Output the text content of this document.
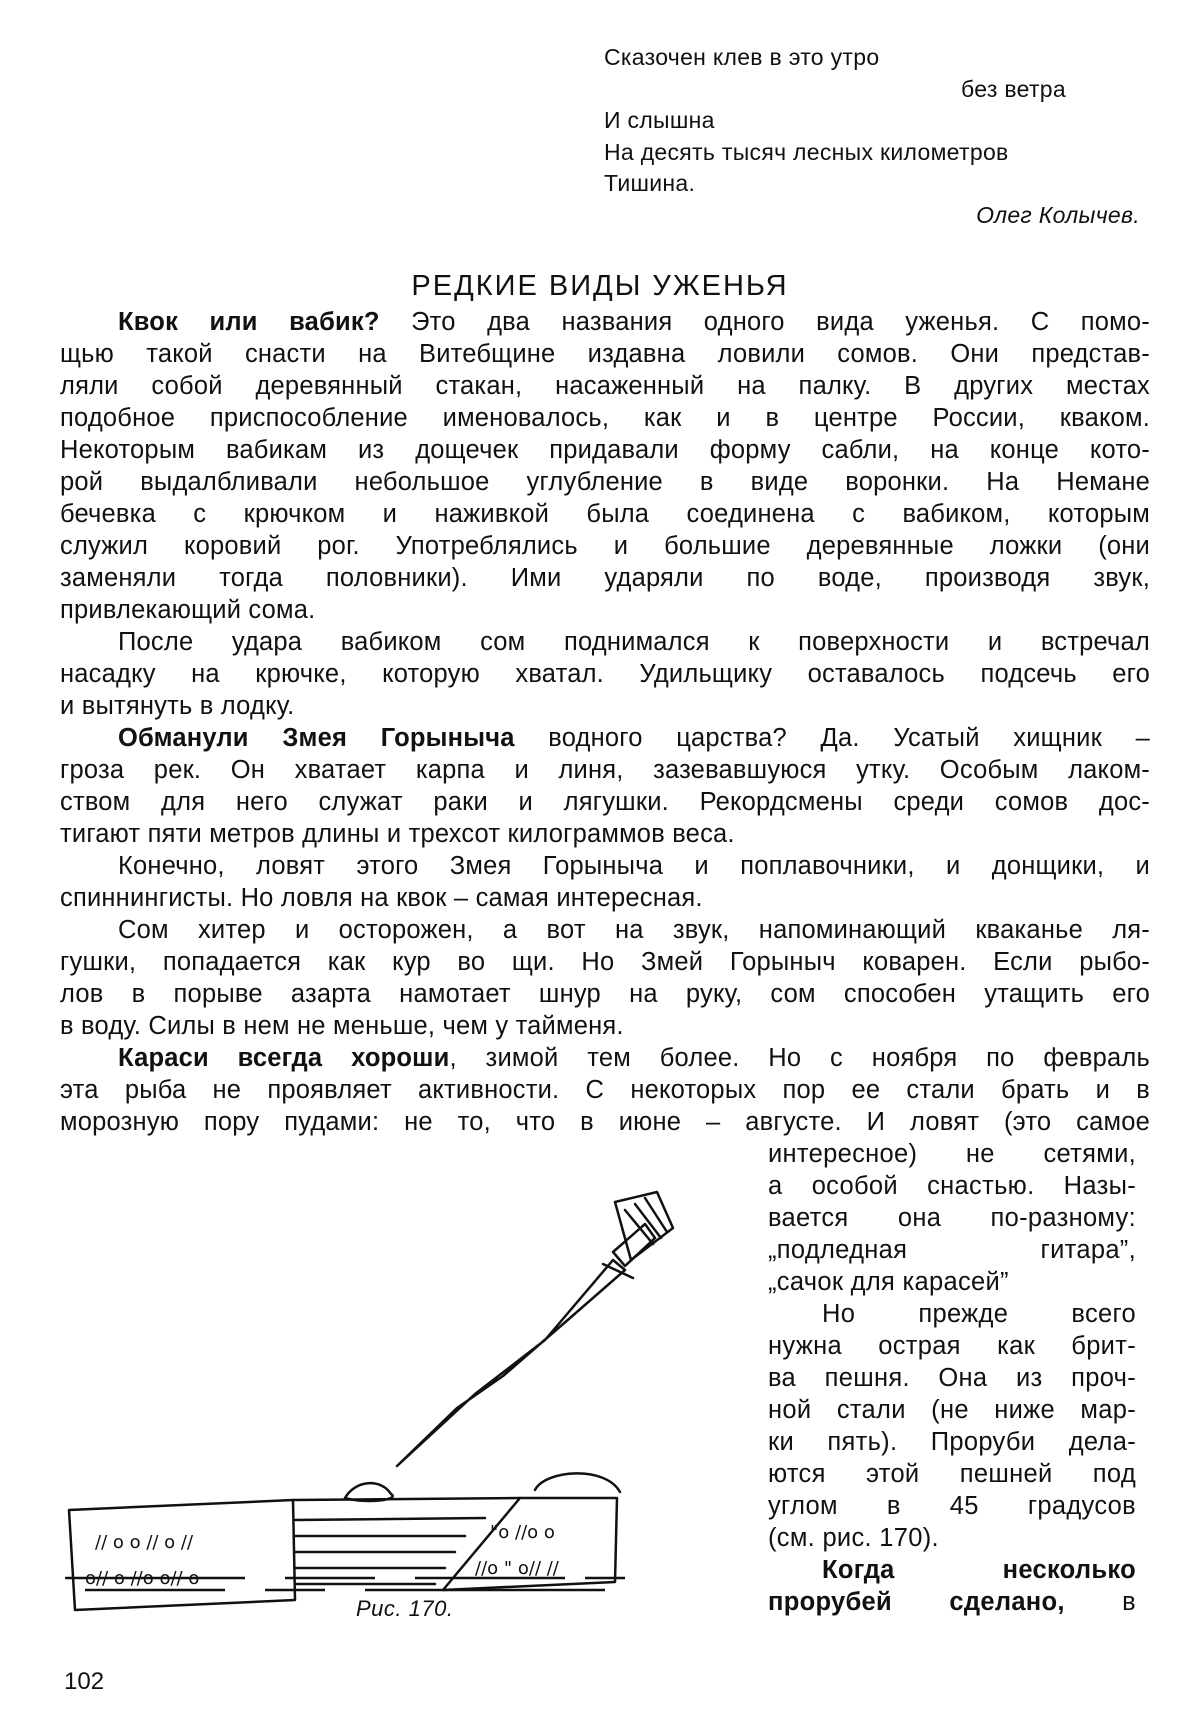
Сказочен клев в это утро
без ветра
И слышна
На десять тысяч лесных километров
Тишина.
Олег Колычев.
РЕДКИЕ ВИДЫ УЖЕНЬЯ
Квок или вабик? Это два названия одного вида уженья. С помо-
щью такой снасти на Витебщине издавна ловили сомов. Они представ-
ляли собой деревянный стакан, насаженный на палку. В других местах
подобное приспособление именовалось, как и в центре России, кваком.
Некоторым вабикам из дощечек придавали форму сабли, на конце кото-
рой выдалбливали небольшое углубление в виде воронки. На Немане
бечевка с крючком и наживкой была соединена с вабиком, которым
служил коровий рог. Употреблялись и большие деревянные ложки (они
заменяли тогда половники). Ими ударяли по воде, производя звук,
привлекающий сома.
После удара вабиком сом поднимался к поверхности и встречал
насадку на крючке, которую хватал. Удильщику оставалось подсечь его
и вытянуть в лодку.
Обманули Змея Горыныча водного царства? Да. Усатый хищник –
гроза рек. Он хватает карпа и линя, зазевавшуюся утку. Особым лаком-
ством для него служат раки и лягушки. Рекордсмены среди сомов дос-
тигают пяти метров длины и трехсот килограммов веса.
Конечно, ловят этого Змея Горыныча и поплавочники, и донщики, и
спиннингисты. Но ловля на квок – самая интересная.
Сом хитер и осторожен, а вот на звук, напоминающий кваканье ля-
гушки, попадается как кур во щи. Но Змей Горыныч коварен. Если рыбо-
лов в порыве азарта намотает шнур на руку, сом способен утащить его
в воду. Силы в нем не меньше, чем у тайменя.
Караси всегда хороши, зимой тем более. Но с ноября по февраль
эта рыба не проявляет активности. С некоторых пор ее стали брать и в
морозную пору пудами: не то, что в июне – августе. И ловят (это самое
интересное) не сетями,
а особой снастью. Назы-
вается она по-разному:
„подледная гитара”,
„сачок для карасей”
Но прежде всего
нужна острая как брит-
ва пешня. Она из проч-
ной стали (не ниже мар-
ки пять). Проруби дела-
ются этой пешней под
углом в 45 градусов
(см. рис. 170).
Когда несколько
прорубей сделано, в
// o o // o //
o// o //o o// o
"o //o o
//o " o// //
Рис. 170.
102
